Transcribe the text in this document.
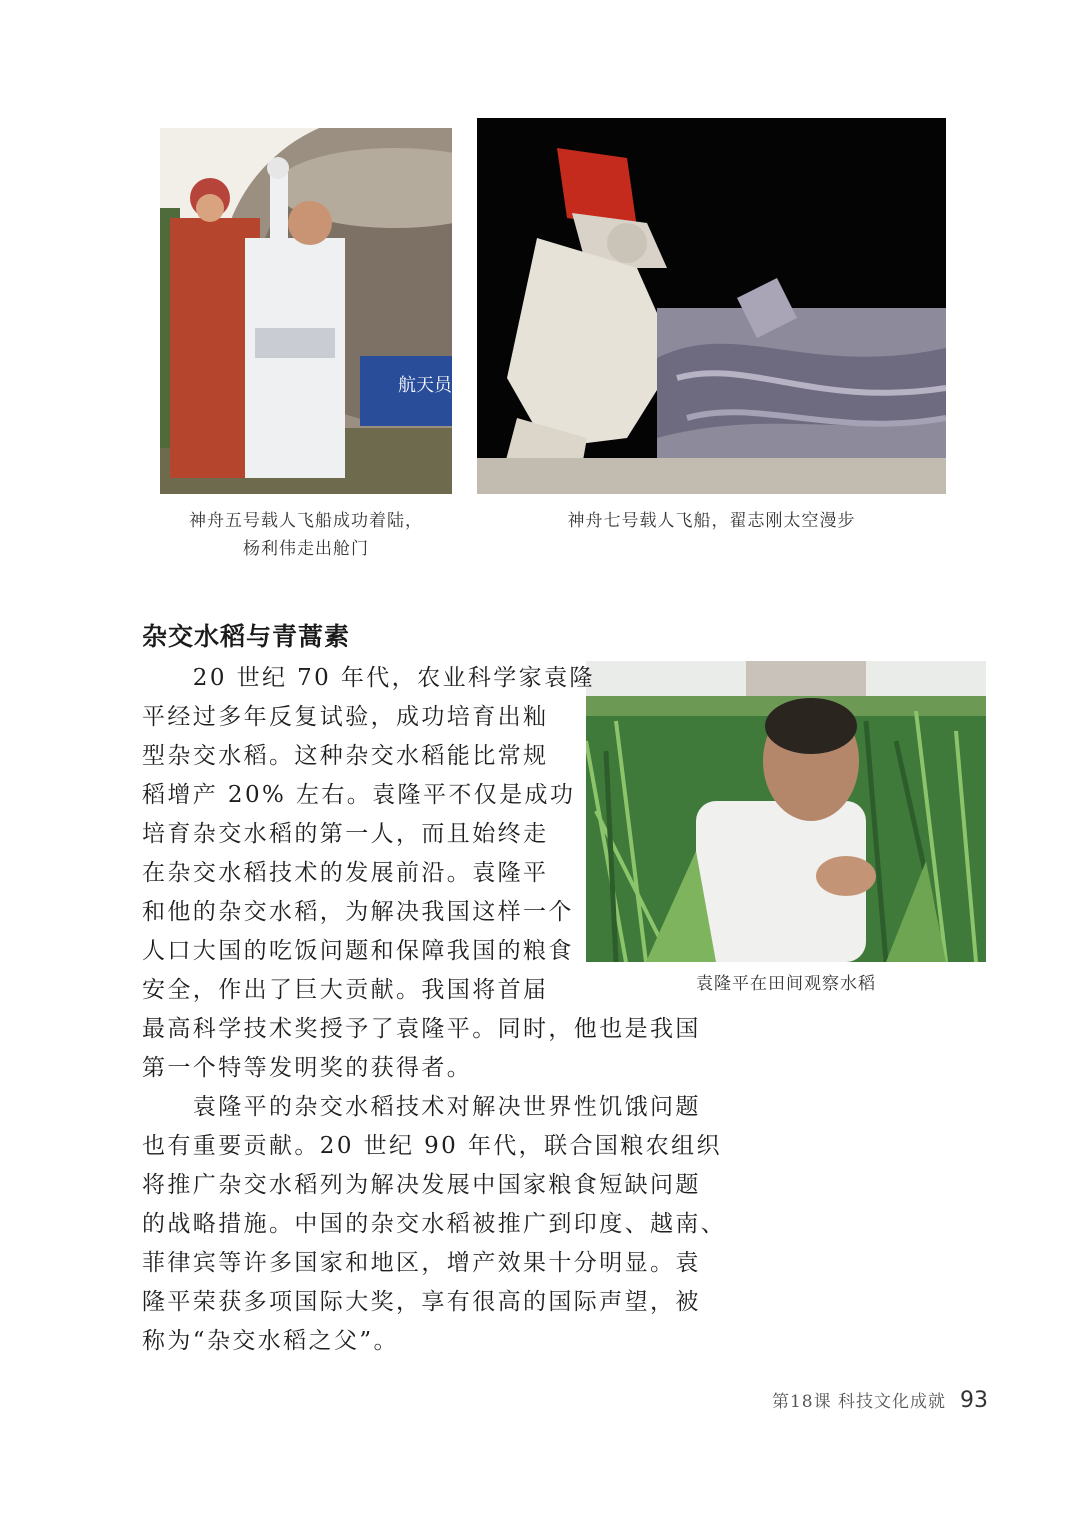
航天员
神舟五号载人飞船成功着陆，
杨利伟走出舱门
神舟七号载人飞船，翟志刚太空漫步
杂交水稻与青蒿素
袁隆平在田间观察水稻
　　20 世纪 70 年代，农业科学家袁隆
平经过多年反复试验，成功培育出籼
型杂交水稻。这种杂交水稻能比常规
稻增产 20% 左右。袁隆平不仅是成功
培育杂交水稻的第一人，而且始终走
在杂交水稻技术的发展前沿。袁隆平
和他的杂交水稻，为解决我国这样一个
人口大国的吃饭问题和保障我国的粮食
安全，作出了巨大贡献。我国将首届
最高科学技术奖授予了袁隆平。同时，他也是我国
第一个特等发明奖的获得者。
　　袁隆平的杂交水稻技术对解决世界性饥饿问题
也有重要贡献。20 世纪 90 年代，联合国粮农组织
将推广杂交水稻列为解决发展中国家粮食短缺问题
的战略措施。中国的杂交水稻被推广到印度、越南、
菲律宾等许多国家和地区，增产效果十分明显。袁
隆平荣获多项国际大奖，享有很高的国际声望，被
称为“杂交水稻之父”。
第18课 科技文化成就 93
